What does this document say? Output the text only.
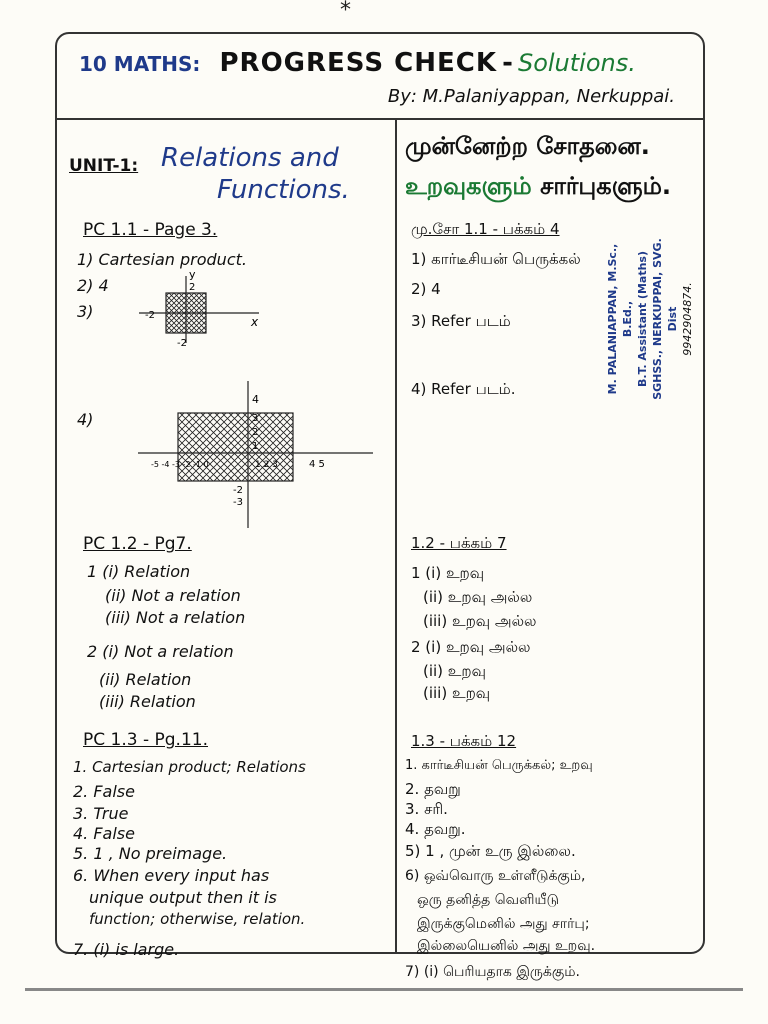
*
10 MATHS: PROGRESS CHECK - Solutions.
By: M.Palaniyappan, Nerkuppai.
UNIT-1: Relations and
Functions.
PC 1.1 - Page 3.
1) Cartesian product.
2) 4
3)
y
2
-2
-2
x
4)
4
3
2
1
-5 -4 -3 -2 -1 0	1 2 3	4 5
-2
-3
PC 1.2 - Pg7.
1 (i) Relation
(ii) Not a relation
(iii) Not a relation
2 (i) Not a relation
(ii) Relation
(iii) Relation
PC 1.3 - Pg.11.
1. Cartesian product; Relations
2. False
3. True
4. False
5. 1 , No preimage.
6. When every input has
unique output then it is
function; otherwise, relation.
7. (i) is large.
முன்னேற்ற சோதனை.
உறவுகளும் சார்புகளும்.
மு.சோ 1.1 - பக்கம் 4
1) கார்டீசியன் பெருக்கல்
2) 4
3) Refer படம்
4) Refer படம்.	M. PALANIAPPAN, M.Sc., B.Ed., B.T. Assistant (Maths) SGHSS., NERKUPPAI, SVG. Dist 9942904874.
1.2 - பக்கம் 7
1 (i) உறவு
(ii) உறவு அல்ல
(iii) உறவு அல்ல
2 (i) உறவு அல்ல
(ii) உறவு
(iii) உறவு
1.3 - பக்கம் 12
1. கார்டீசியன் பெருக்கல்; உறவு
2. தவறு
3. சரி.
4. தவறு.
5) 1 , முன் உரு இல்லை.
6) ஒவ்வொரு உள்ளீடுக்கும்,
ஒரு தனித்த வெளியீடு
இருக்குமெனில் அது சார்பு;
இல்லையெனில் அது உறவு.
7) (i) பெரியதாக இருக்கும்.
